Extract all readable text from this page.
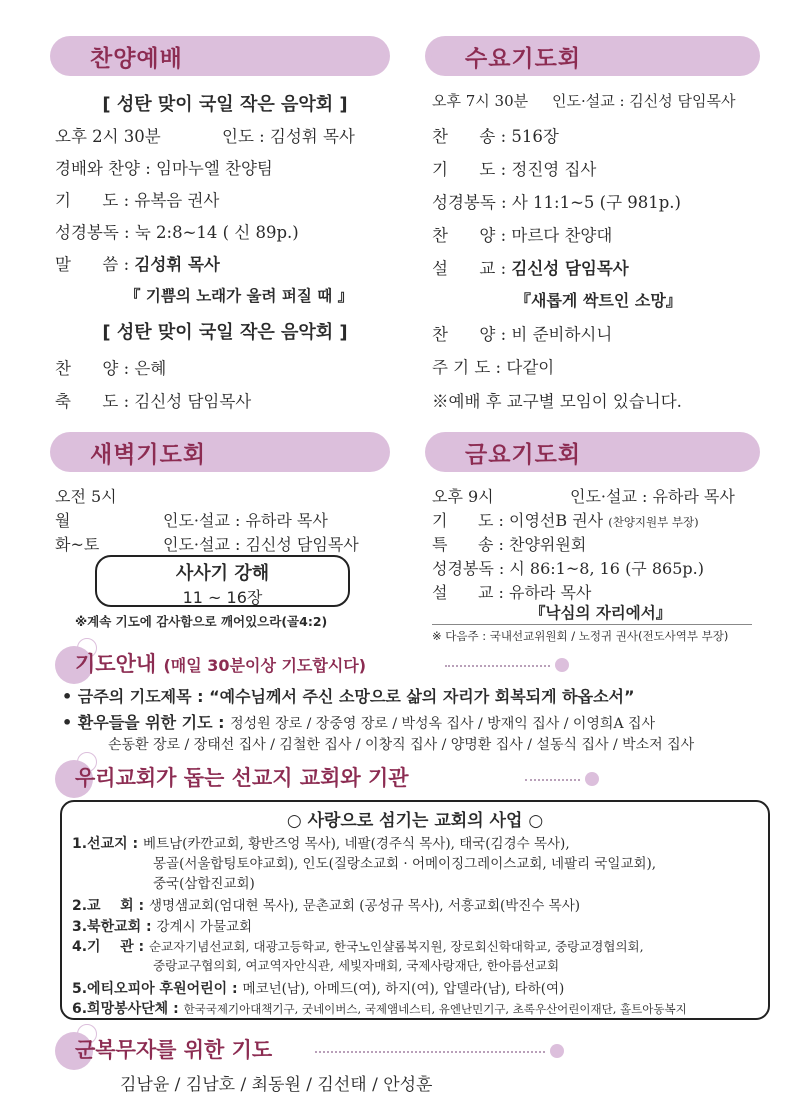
찬양예배
[ 성탄 맞이 국일 작은 음악회 ]
오후 2시 30분	인도 : 김성휘 목사
경배와 찬양 : 임마누엘 찬양팀
기      도 : 유복음 권사
성경봉독 : 눅 2:8~14 ( 신 89p.)
말      씀 : 김성휘 목사
『 기쁨의 노래가 울려 퍼질 때 』
[ 성탄 맞이 국일 작은 음악회 ]
찬      양 : 은혜
축      도 : 김신성 담임목사
새벽기도회
오전 5시
월	인도·설교 : 유하라 목사
화~토	인도·설교 : 김신성 담임목사
사사기 강해
11 ~ 16장
※계속 기도에 감사함으로 깨어있으라(골4:2)
수요기도회
오후 7시 30분     인도·설교 : 김신성 담임목사
찬      송 : 516장
기      도 : 정진영 집사
성경봉독 : 사 11:1~5 (구 981p.)
찬      양 : 마르다 찬양대
설      교 : 김신성 담임목사
『새롭게 싹트인 소망』
찬      양 : 비 준비하시니
주 기 도 : 다같이
※예배 후 교구별 모임이 있습니다.
금요기도회
오후 9시	인도·설교 : 유하라 목사
기      도 : 이영선B 권사 (찬양지원부 부장)
특      송 : 찬양위원회
성경봉독 : 시 86:1~8, 16 (구 865p.)
설      교 : 유하라 목사
『낙심의 자리에서』
※ 다음주 : 국내선교위원회 / 노정귀 권사(전도사역부 부장)
기도안내 (매일 30분이상 기도합시다)
• 금주의 기도제목 : “예수님께서 주신 소망으로 삶의 자리가 회복되게 하옵소서”
• 환우들을 위한 기도 : 정성원 장로 / 장중영 장로 / 박성옥 집사 / 방재익 집사 / 이영희A 집사
손동환 장로 / 장태선 집사 / 김철한 집사 / 이창직 집사 / 양명환 집사 / 설동식 집사 / 박소저 집사
우리교회가 돕는 선교지 교회와 기관
○ 사랑으로 섬기는 교회의 사업 ○
1.선교지 : 베트남(카깐교회, 황반즈엉 목사), 네팔(경주식 목사), 태국(김경수 목사),
몽골(서울합팅토야교회), 인도(질랑소교회 · 어메이징그레이스교회, 네팔리 국일교회),
중국(삼합진교회)
2.교    회 : 생명샘교회(엄대현 목사), 문촌교회 (공성규 목사), 서흥교회(박진수 목사)
3.북한교회 : 강계시 가물교회
4.기    관 : 순교자기념선교회, 대광고등학교, 한국노인샬롬복지원, 장로회신학대학교, 중랑교경협의회,
중랑교구협의회, 여교역자안식관, 세빛자매회, 국제사랑재단, 한아름선교회
5.에티오피아 후원어린이 : 메코넌(남), 아메드(여), 하지(여), 압델라(남), 타하(여)
6.희망봉사단체 : 한국국제기아대책기구, 굿네이버스, 국제앰네스티, 유엔난민기구, 초록우산어린이재단, 홀트아동복지
군복무자를 위한 기도
김남윤 / 김남호 / 최동원 / 김선태 / 안성훈
